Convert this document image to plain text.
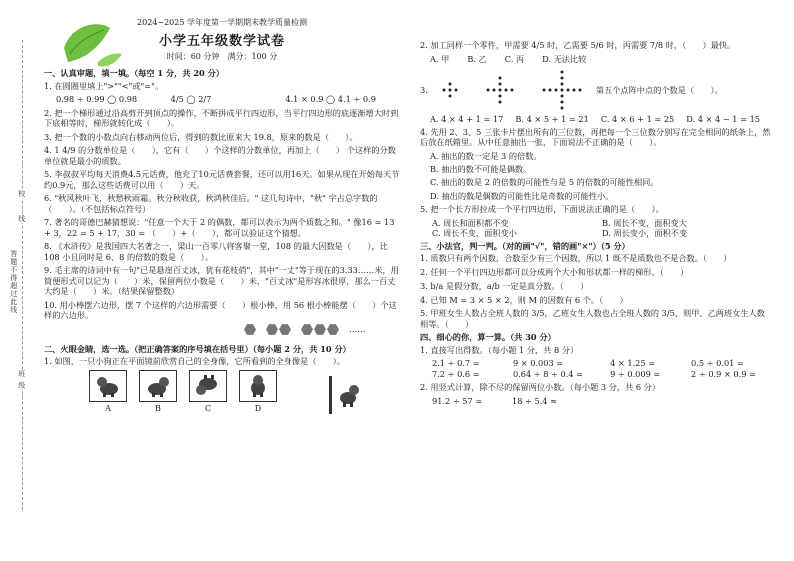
校
线
答题不得超过此线
班 级
2024~2025 学年度第一学期期末教学质量检测
小学五年级数学试卷
时间：60 分钟　满分：100 分
一、认真审题，填一填。（每空 1 分，共 20 分）
1. 在圆圈里填上">""<"或"="。
0.98 ÷ 0.99 ◯ 0.98	4/5 ◯ 2/7	4.1 × 0.9 ◯ 4.1 ÷ 0.9
2. 把一个梯形通过沿高剪开到顶点的操作，不断拼成平行四边形，当平行四边形的底逐渐增大时到下底相等时，梯形就转化成（　　）。
3. 把一个数的小数点向右移动两位后，得到的数比原来大 19.8，原来的数是（　　）。
4. 1 4/9 的分数单位是（　　），它有（　　）个这样的分数单位，再加上（　　） 个这样的分数单位就是最小的质数。
5. 李叔叔平均每天消费4.5元话费，他充了10元话费套餐，还可以用16天。如果从现在开始每天节约0.9元，那么这些话费可以用（　　）天。
6. "秋风秋叶飞，秋愁秋雨霜。秋分秋收获，秋鸿秋佳后。" 这几句诗中，"秋" 字占总字数的（　　）。（不包括标点符号）
7. 著名的哥德巴赫猜想说："任意一个大于 2 的偶数，都可以表示为两个质数之和。" 像16 = 13 + 3，22 = 5 + 17，30 = （　　）+（　　），都可以验证这个猜想。
8. 《水浒传》是我国四大名著之一，梁山一百零八将客聚一堂，108 的最大因数是（　　），比 108 小且同时是 6、8 的倍数的数是（　　）。
9. 毛主席的诗词中有一句"已是悬崖百丈冰，犹有花枝俏"，其中"一丈"等于现在的3.33……米，用简便形式可以记为（　　）米，保留两位小数是（　　）米，"百丈冰"是形容冰很厚，那么一百丈大约是（　　）米。（结果保留整数）
10. 用小棒摆六边形，摆 7 个这样的六边形需要（　　）根小棒，用 56 根小棒能摆（　　）个这样的六边形。
……
二、火眼金睛，选一选。（把正确答案的序号填在括号里）（每小题 2 分，共 10 分）
1. 如图，一只小狗正在平面镜前欣赏自己的全身像，它所看到的全身像是（　　）。
A	B	C	D
2. 加工同样一个零件，甲需要 4/5 时，乙需要 5/6 时，丙需要 7/8 时，（　　）最快。
A. 甲 B. 乙 C. 丙 D. 无法比较
3.	第五个点阵中点的个数是（　　）。
A. 4 × 4 + 1 = 17 B. 4 × 5 + 1 = 21 C. 4 × 6 + 1 = 25 D. 4 × 4 − 1 = 15
4. 先用 2、3、5 三张卡片摆出所有的三位数，再把每一个三位数分别写在完全相同的纸条上，然后放在纸箱里。从中任意抽出一张，下面说法不正确的是（　　）。
A. 抽出的数一定是 3 的倍数。
B. 抽出的数不可能是偶数。
C. 抽出的数是 2 的倍数的可能性与是 5 的倍数的可能性相同。
D. 抽出的数是偶数的可能性比是奇数的可能性小。
5. 把一个长方形拉成一个平行四边形，下面说法正确的是（　　）。
A. 周长和面积都不变	B. 周长不变，面积变大
C. 周长不变，面积变小	D. 周长变小，面积不变
三、小法官，判一判。（对的画"√"，错的画"×"）（5 分）
1. 质数只有两个因数，合数至少有三个因数，所以 1 既不是质数也不是合数。（　　）
2. 任何一个平行四边形都可以分成两个大小和形状都一样的梯形。（　　）
3. b/a 是假分数，a/b 一定是真分数。（　　）
4. 已知 M = 3 × 5 × 2，则 M 的因数有 6 个。（　　）
5. 甲班女生人数占全班人数的 3/5，乙班女生人数也占全班人数的 3/5，则甲、乙两班女生人数相等。（　　）
四、细心的你，算一算。（共 30 分）
1. 直接写出得数。（每小题 1 分，共 8 分）
2.1 ÷ 0.7 =	9 × 0.003 =	4 × 1.25 =	0.5 ÷ 0.01 =
7.2 ÷ 0.6 =	0.64 ÷ 8 ÷ 0.4 =	9 ÷ 0.009 =	2 ÷ 0.9 × 0.9 =
2. 用竖式计算，除不尽的保留两位小数。（每小题 3 分，共 6 分）
91.2 ÷ 57 =	18 ÷ 5.4 ≈
